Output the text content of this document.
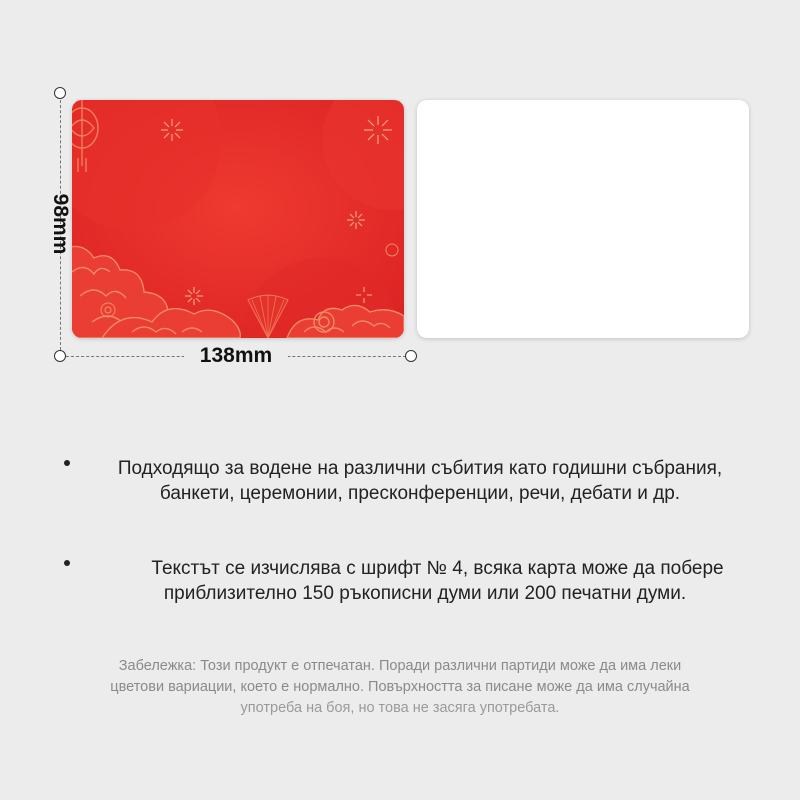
98mm
138mm
Подходящо за водене на различни събития като годишни събрания,
банкети, церемонии, пресконференции, речи, дебати и др.
Текстът се изчислява с шрифт № 4, всяка карта може да побере
приблизително 150 ръкописни думи или 200 печатни думи.
Забележка: Този продукт е отпечатан. Поради различни партиди може да има леки
цветови вариации, което е нормално. Повърхността за писане може да има случайна
употреба на боя, но това не засяга употребата.
